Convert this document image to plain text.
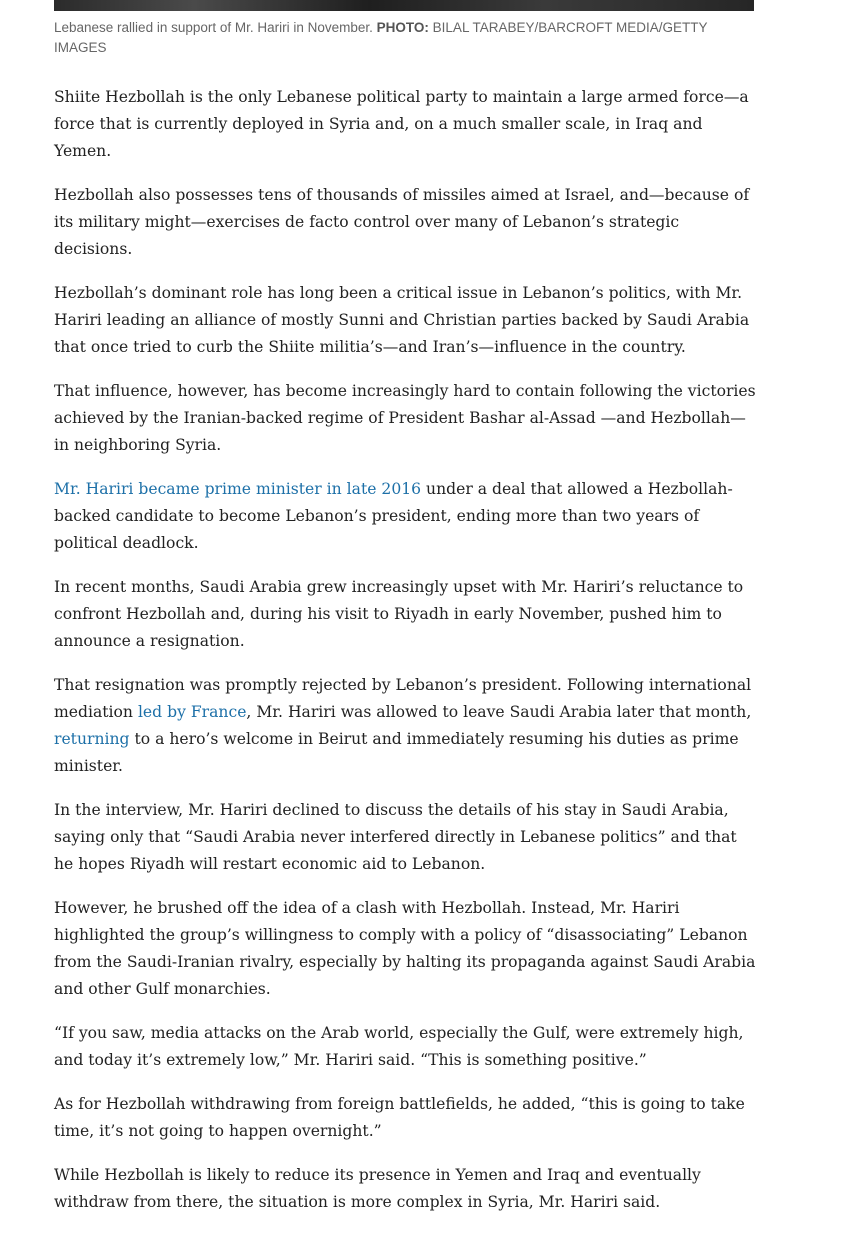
Lebanese rallied in support of Mr. Hariri in November. PHOTO: BILAL TARABEY/BARCROFT MEDIA/GETTY IMAGES

Shiite Hezbollah is the only Lebanese political party to maintain a large armed force—a force that is currently deployed in Syria and, on a much smaller scale, in Iraq and Yemen.

Hezbollah also possesses tens of thousands of missiles aimed at Israel, and—because of its military might—exercises de facto control over many of Lebanon’s strategic decisions.

Hezbollah’s dominant role has long been a critical issue in Lebanon’s politics, with Mr. Hariri leading an alliance of mostly Sunni and Christian parties backed by Saudi Arabia that once tried to curb the Shiite militia’s—and Iran’s—influence in the country.

That influence, however, has become increasingly hard to contain following the victories achieved by the Iranian-backed regime of President Bashar al-Assad —and Hezbollah—in neighboring Syria.

Mr. Hariri became prime minister in late 2016 under a deal that allowed a Hezbollah-backed candidate to become Lebanon’s president, ending more than two years of political deadlock.

In recent months, Saudi Arabia grew increasingly upset with Mr. Hariri’s reluctance to confront Hezbollah and, during his visit to Riyadh in early November, pushed him to announce a resignation.

That resignation was promptly rejected by Lebanon’s president. Following international mediation led by France, Mr. Hariri was allowed to leave Saudi Arabia later that month, returning to a hero’s welcome in Beirut and immediately resuming his duties as prime minister.

In the interview, Mr. Hariri declined to discuss the details of his stay in Saudi Arabia, saying only that “Saudi Arabia never interfered directly in Lebanese politics” and that he hopes Riyadh will restart economic aid to Lebanon.

However, he brushed off the idea of a clash with Hezbollah. Instead, Mr. Hariri highlighted the group’s willingness to comply with a policy of “disassociating” Lebanon from the Saudi-Iranian rivalry, especially by halting its propaganda against Saudi Arabia and other Gulf monarchies.

“If you saw, media attacks on the Arab world, especially the Gulf, were extremely high, and today it’s extremely low,” Mr. Hariri said. “This is something positive.”

As for Hezbollah withdrawing from foreign battlefields, he added, “this is going to take time, it’s not going to happen overnight.”

While Hezbollah is likely to reduce its presence in Yemen and Iraq and eventually withdraw from there, the situation is more complex in Syria, Mr. Hariri said.
